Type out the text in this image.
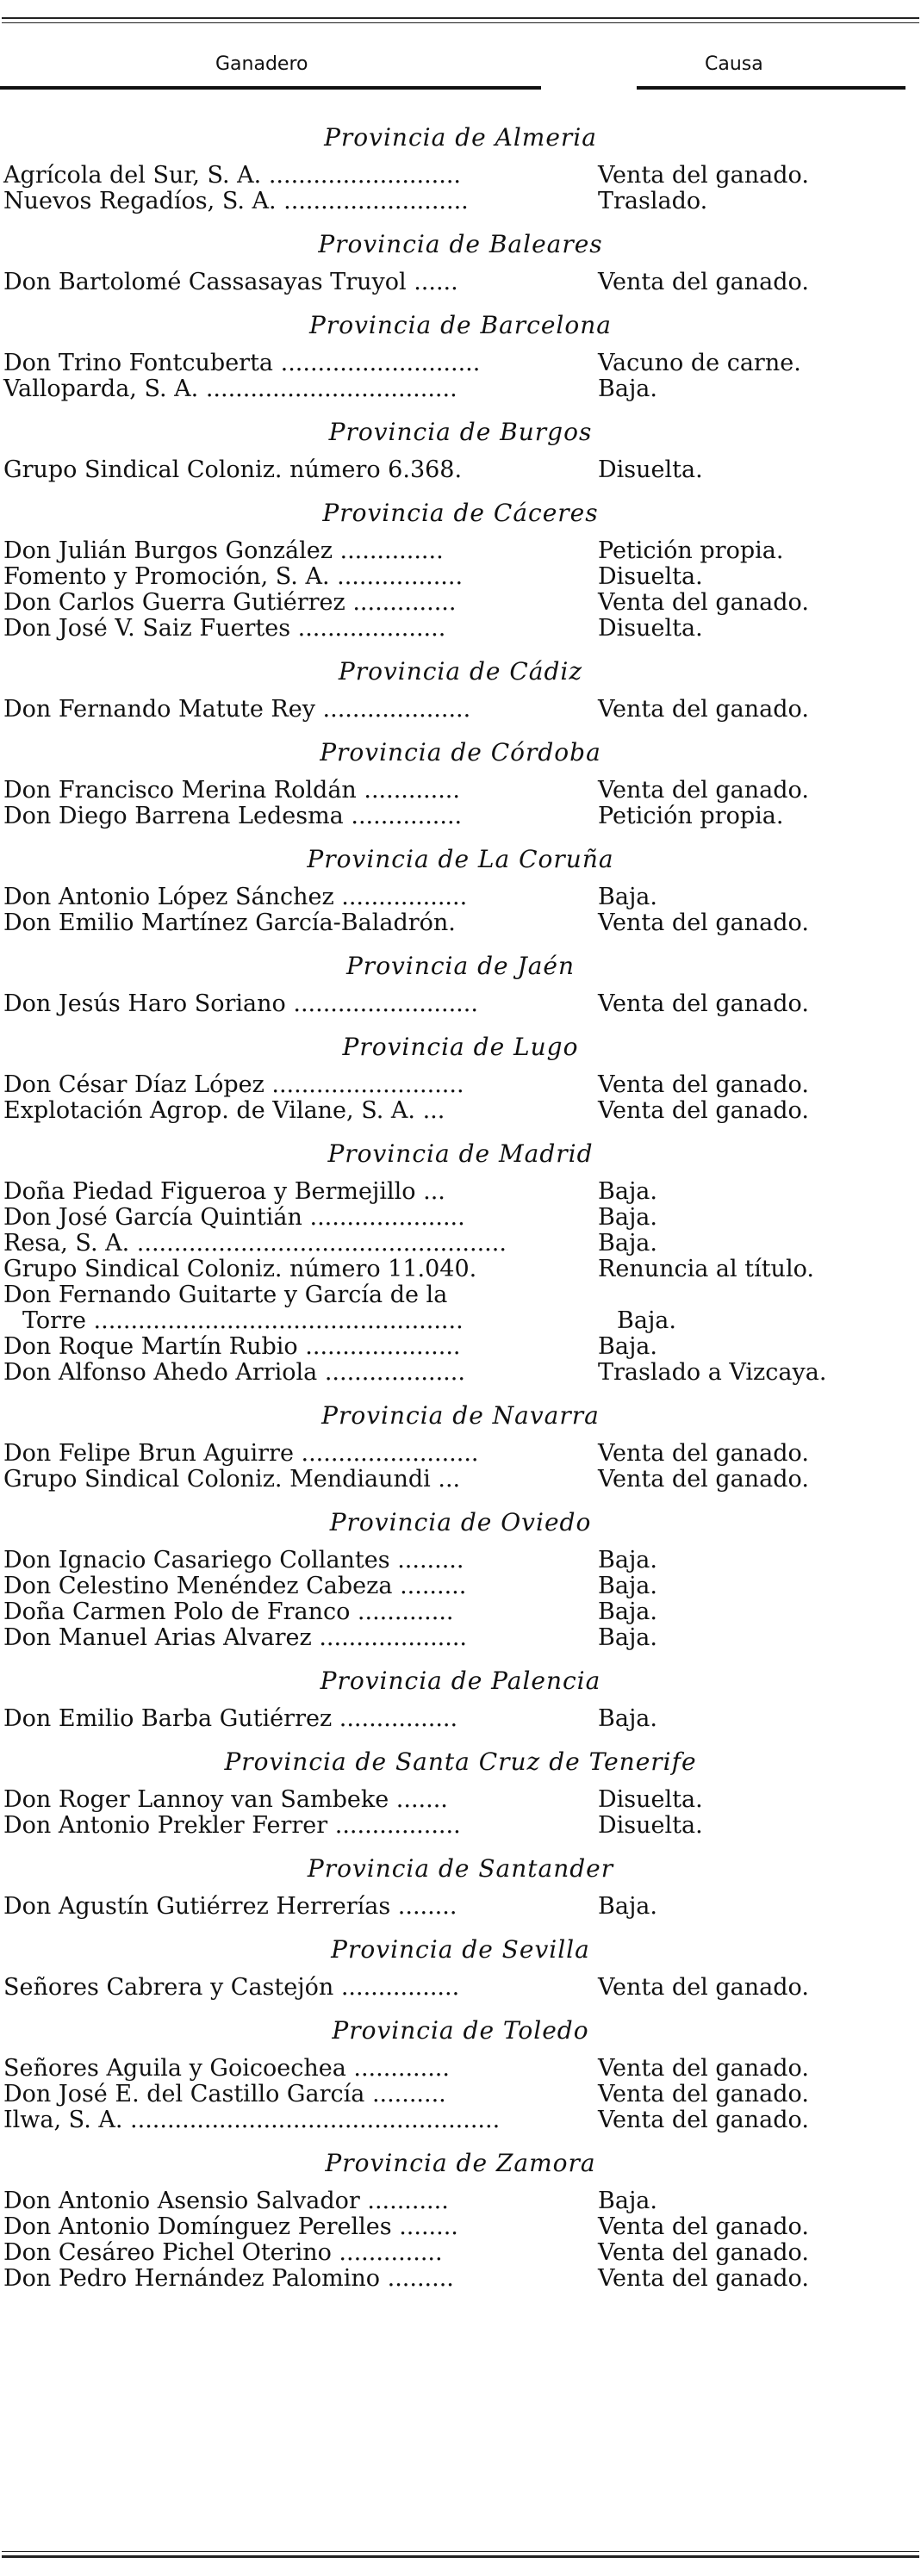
Ganadero	Causa
Provincia de Almeria
Agrícola del Sur, S. A. ..........................	Venta del ganado.
Nuevos Regadíos, S. A. .........................	Traslado.
Provincia de Baleares
Don Bartolomé Cassasayas Truyol ......	Venta del ganado.
Provincia de Barcelona
Don Trino Fontcuberta ...........................	Vacuno de carne.
Valloparda, S. A. ..................................	Baja.
Provincia de Burgos
Grupo Sindical Coloniz. número 6.368.	Disuelta.
Provincia de Cáceres
Don Julián Burgos González ..............	Petición propia.
Fomento y Promoción, S. A. .................	Disuelta.
Don Carlos Guerra Gutiérrez ..............	Venta del ganado.
Don José V. Saiz Fuertes ....................	Disuelta.
Provincia de Cádiz
Don Fernando Matute Rey ....................	Venta del ganado.
Provincia de Córdoba
Don Francisco Merina Roldán .............	Venta del ganado.
Don Diego Barrena Ledesma ...............	Petición propia.
Provincia de La Coruña
Don Antonio López Sánchez .................	Baja.
Don Emilio Martínez García-Baladrón.	Venta del ganado.
Provincia de Jaén
Don Jesús Haro Soriano .........................	Venta del ganado.
Provincia de Lugo
Don César Díaz López ..........................	Venta del ganado.
Explotación Agrop. de Vilane, S. A. ...	Venta del ganado.
Provincia de Madrid
Doña Piedad Figueroa y Bermejillo ...	Baja.
Don José García Quintián .....................	Baja.
Resa, S. A. ..................................................	Baja.
Grupo Sindical Coloniz. número 11.040.	Renuncia al título.
Don Fernando Guitarte y García de la
Torre ..................................................	Baja.
Don Roque Martín Rubio .....................	Baja.
Don Alfonso Ahedo Arriola ...................	Traslado a Vizcaya.
Provincia de Navarra
Don Felipe Brun Aguirre ........................	Venta del ganado.
Grupo Sindical Coloniz. Mendiaundi ...	Venta del ganado.
Provincia de Oviedo
Don Ignacio Casariego Collantes .........	Baja.
Don Celestino Menéndez Cabeza .........	Baja.
Doña Carmen Polo de Franco .............	Baja.
Don Manuel Arias Alvarez ....................	Baja.
Provincia de Palencia
Don Emilio Barba Gutiérrez ................	Baja.
Provincia de Santa Cruz de Tenerife
Don Roger Lannoy van Sambeke .......	Disuelta.
Don Antonio Prekler Ferrer .................	Disuelta.
Provincia de Santander
Don Agustín Gutiérrez Herrerías ........	Baja.
Provincia de Sevilla
Señores Cabrera y Castejón ................	Venta del ganado.
Provincia de Toledo
Señores Aguila y Goicoechea .............	Venta del ganado.
Don José E. del Castillo García ..........	Venta del ganado.
Ilwa, S. A. ..................................................	Venta del ganado.
Provincia de Zamora
Don Antonio Asensio Salvador ...........	Baja.
Don Antonio Domínguez Perelles ........	Venta del ganado.
Don Cesáreo Pichel Oterino ..............	Venta del ganado.
Don Pedro Hernández Palomino .........	Venta del ganado.
